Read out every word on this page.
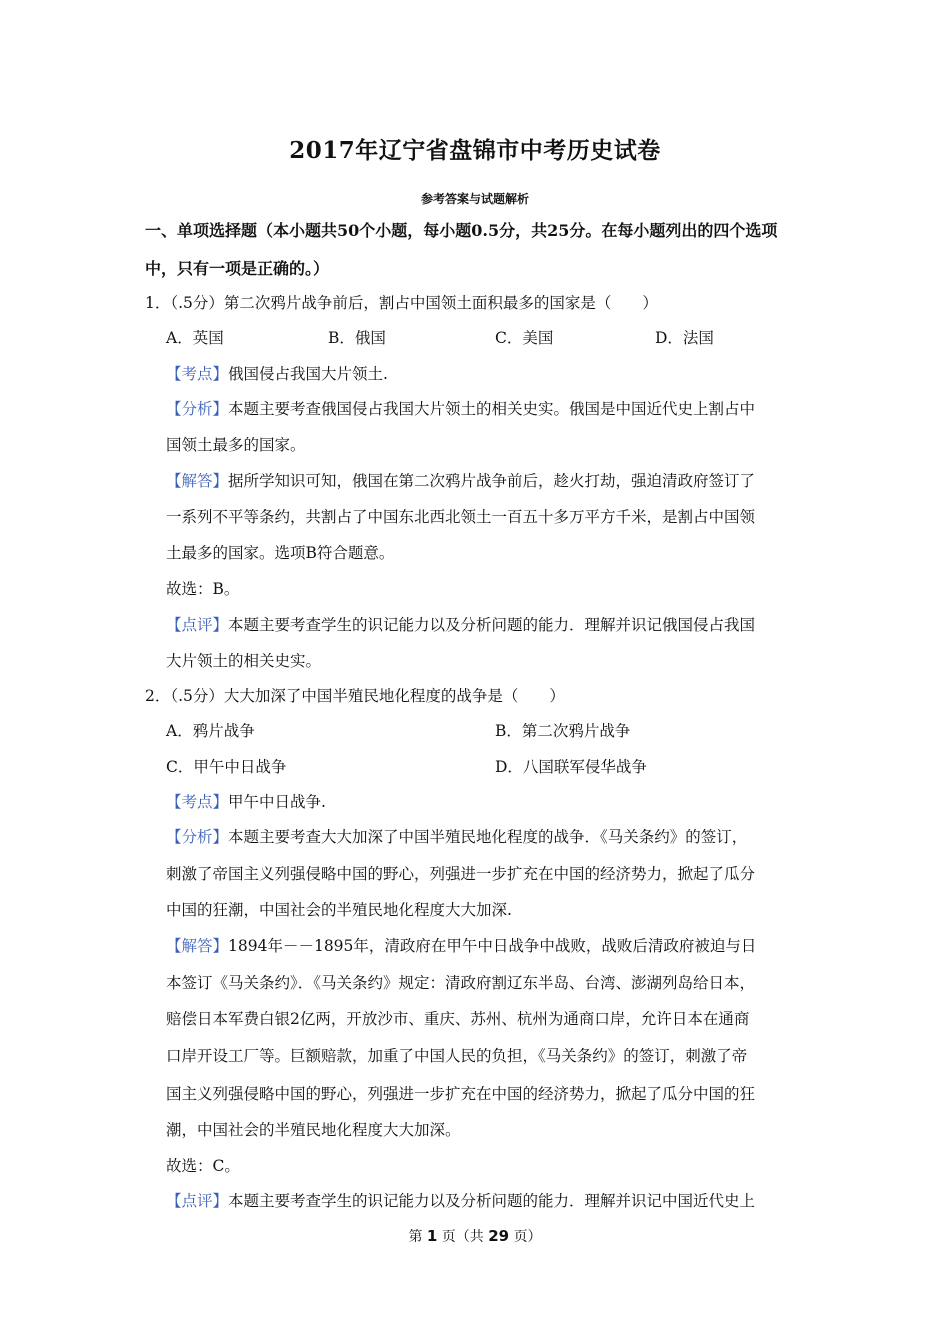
2017年辽宁省盘锦市中考历史试卷
参考答案与试题解析
一、单项选择题（本小题共50个小题，每小题0.5分，共25分。在每小题列出的四个选项
中，只有一项是正确的。）
1．（.5分）第二次鸦片战争前后，割占中国领土面积最多的国家是（　　）
A．英国	B．俄国	C．美国	D．法国
【考点】俄国侵占我国大片领土.
【分析】本题主要考查俄国侵占我国大片领土的相关史实。俄国是中国近代史上割占中
国领土最多的国家。
【解答】据所学知识可知，俄国在第二次鸦片战争前后，趁火打劫，强迫清政府签订了
一系列不平等条约，共割占了中国东北西北领土一百五十多万平方千米，是割占中国领
土最多的国家。选项B符合题意。
故选：B。
【点评】本题主要考查学生的识记能力以及分析问题的能力．理解并识记俄国侵占我国
大片领土的相关史实。
2．（.5分）大大加深了中国半殖民地化程度的战争是（　　）
A．鸦片战争	B．第二次鸦片战争
C．甲午中日战争	D．八国联军侵华战争
【考点】甲午中日战争.
【分析】本题主要考查大大加深了中国半殖民地化程度的战争．《马关条约》的签订，
刺激了帝国主义列强侵略中国的野心，列强进一步扩充在中国的经济势力，掀起了瓜分
中国的狂潮，中国社会的半殖民地化程度大大加深.
【解答】1894年－－1895年，清政府在甲午中日战争中战败，战败后清政府被迫与日
本签订《马关条约》．《马关条约》规定：清政府割辽东半岛、台湾、澎湖列岛给日本，
赔偿日本军费白银2亿两，开放沙市、重庆、苏州、杭州为通商口岸，允许日本在通商
口岸开设工厂等。巨额赔款，加重了中国人民的负担，《马关条约》的签订，刺激了帝
国主义列强侵略中国的野心，列强进一步扩充在中国的经济势力，掀起了瓜分中国的狂
潮，中国社会的半殖民地化程度大大加深。
故选：C。
【点评】本题主要考查学生的识记能力以及分析问题的能力．理解并识记中国近代史上
第 1 页（共 29 页）
